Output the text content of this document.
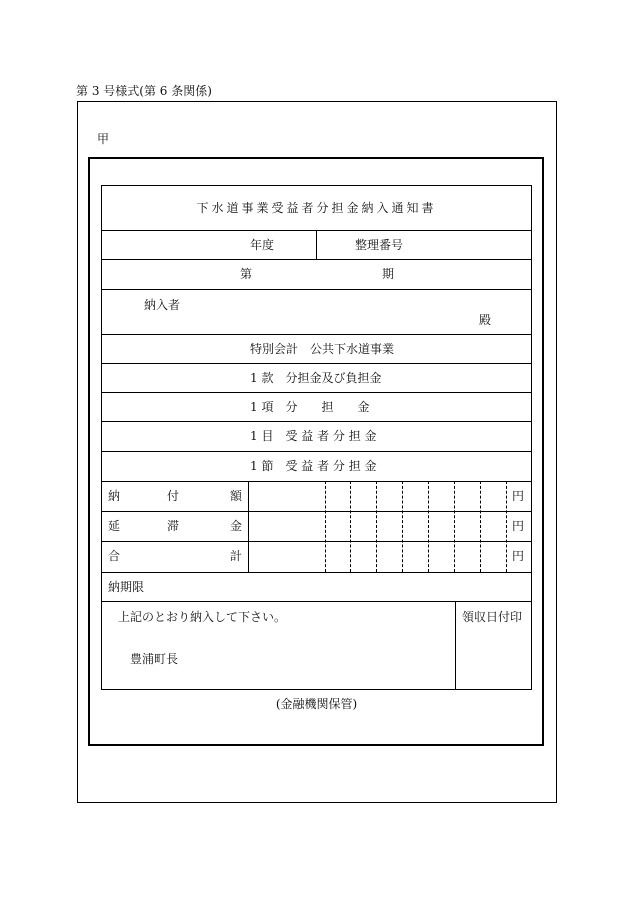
第 3 号様式(第 6 条関係)
甲
下水道事業受益者分担金納入通知書
年度	整理番号
第	期
納入者
殿
特別会計　公共下水道事業
1 款　分担金及び負担金
1 項　分　　担　　金
1 目　受 益 者 分 担 金
1 節　受 益 者 分 担 金
納	付	額	円
延	滞	金	円
合	計	円
納期限
上記のとおり納入して下さい。
豊浦町長
領収日付印
(金融機関保管)
